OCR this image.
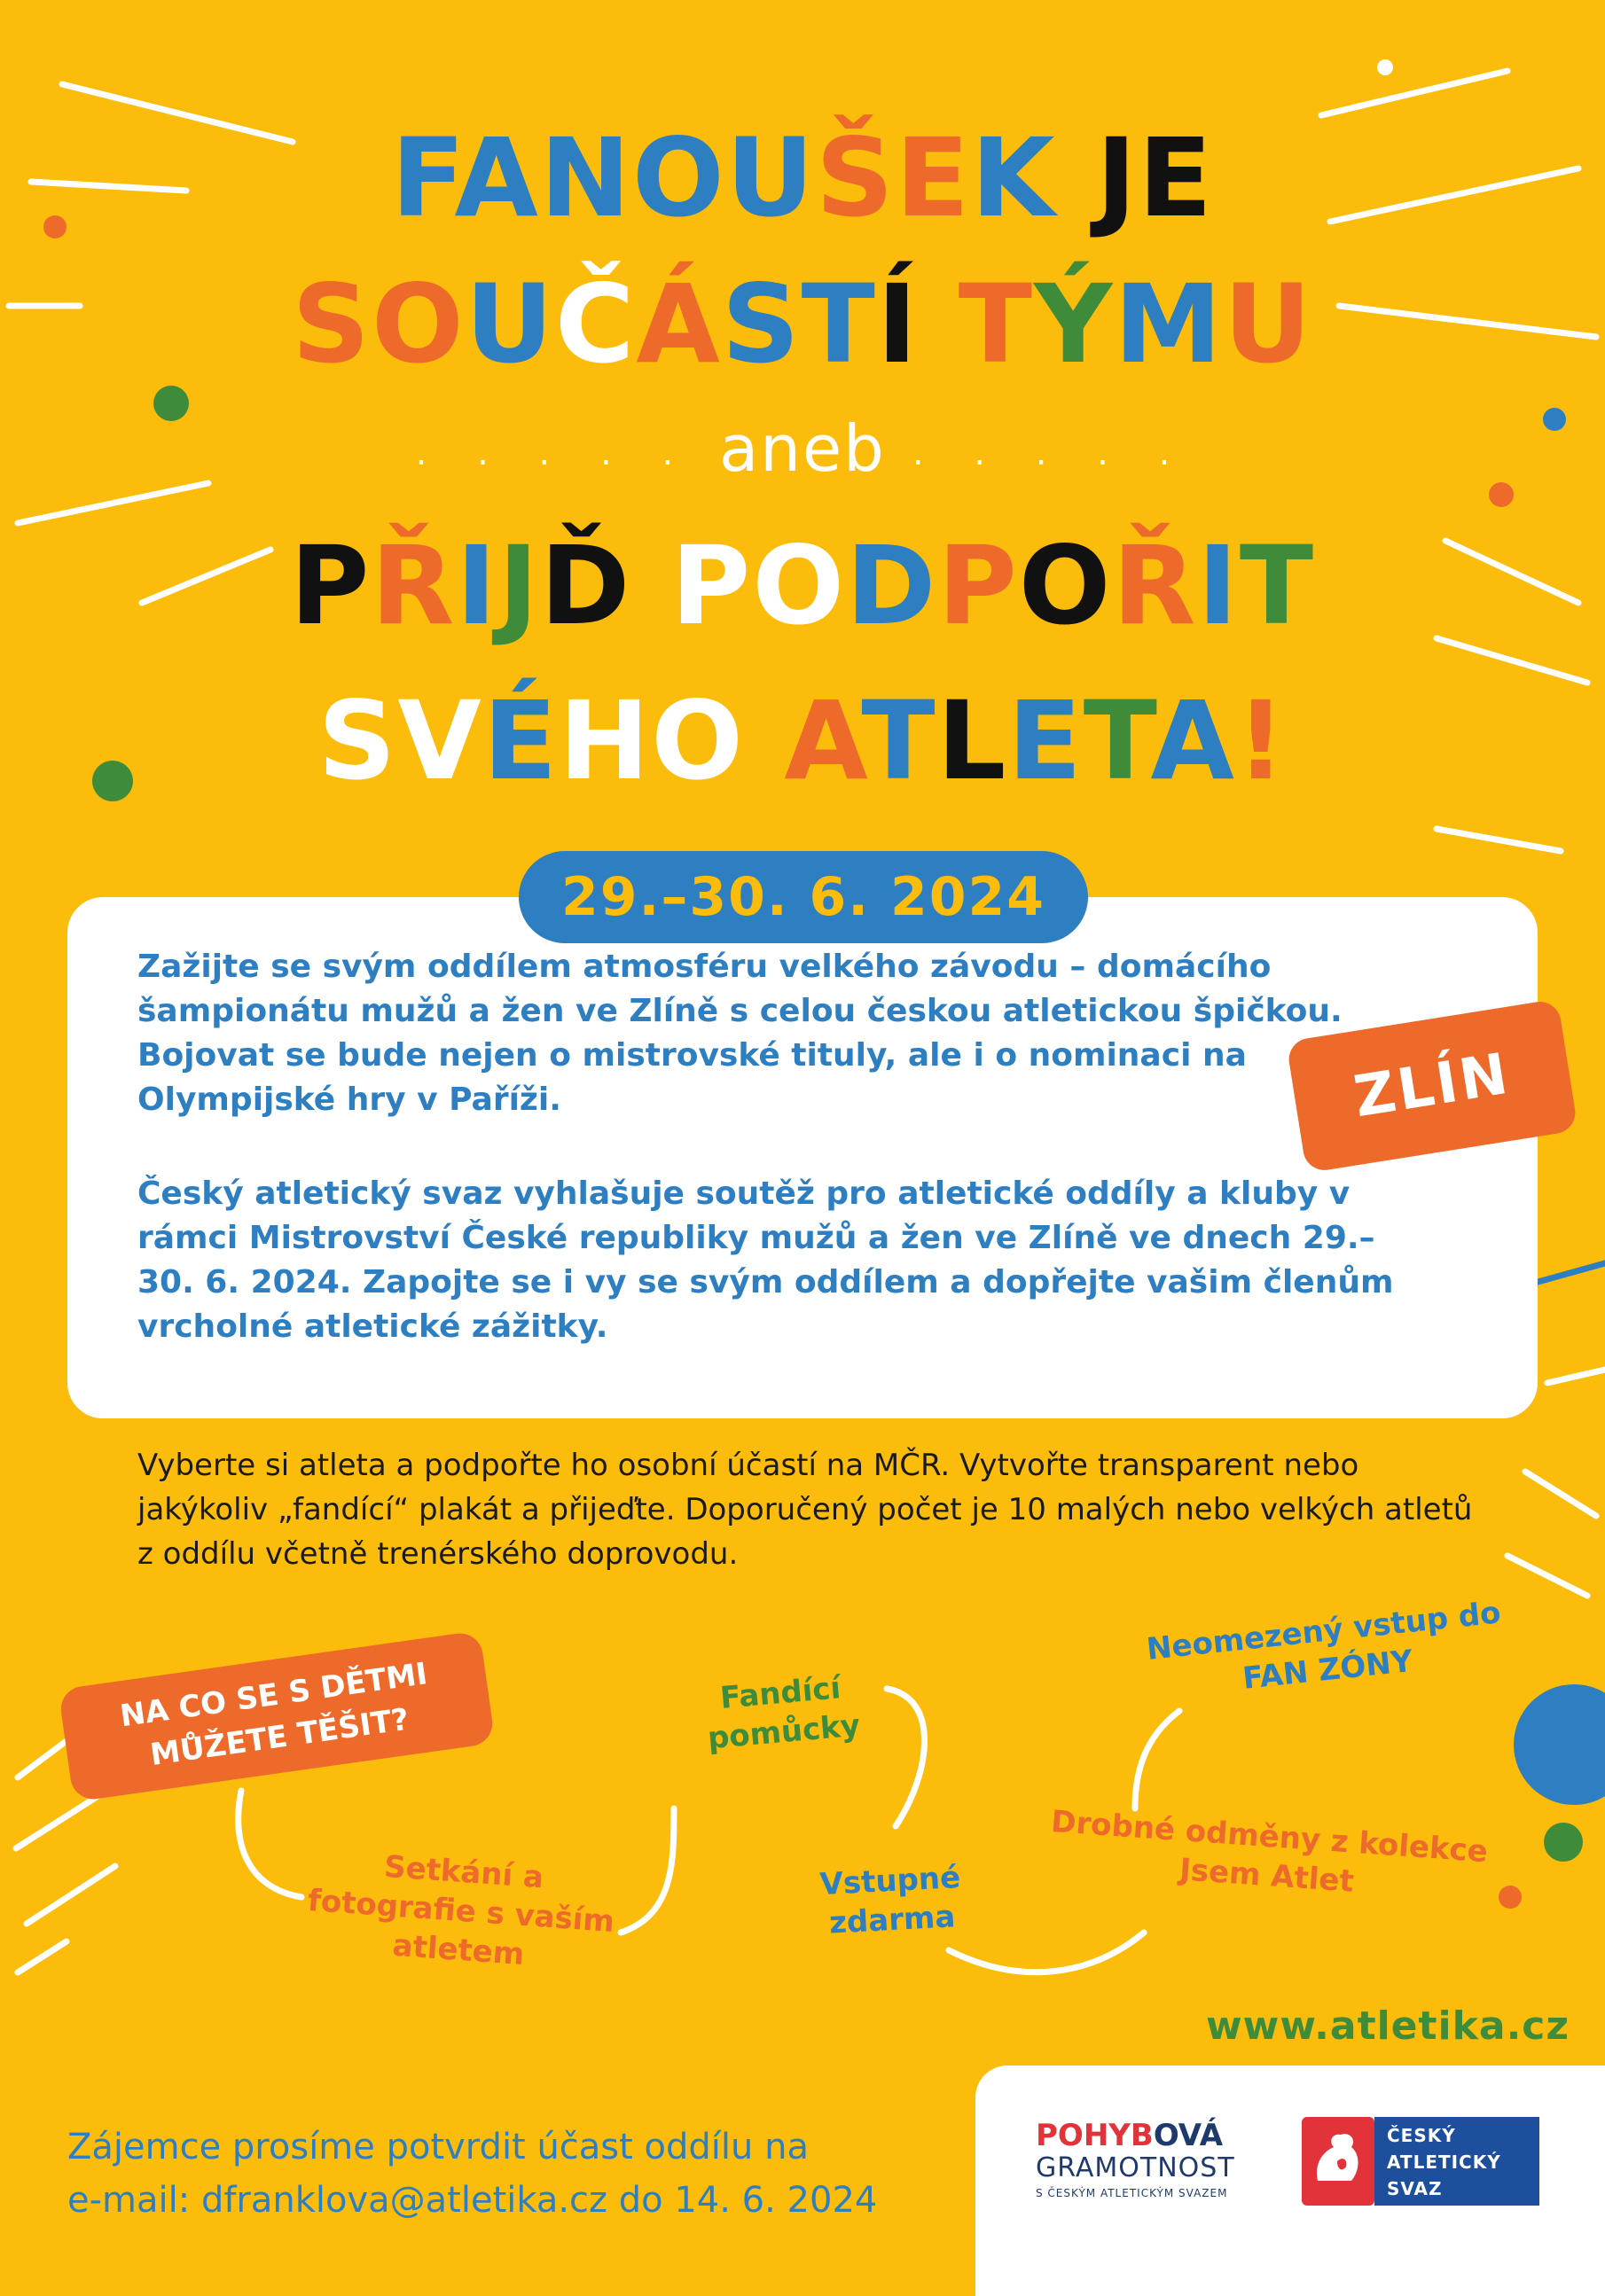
FANOUŠEK JE
SOUČÁSTÍ TÝMU
. . . . . aneb . . . . .
PŘIJĎ PODPOŘIT
SVÉHO ATLETA!
29.–30. 6. 2024
Zažijte se svým oddílem atmosféru velkého závodu – domácího šampionátu mužů a žen ve Zlíně s celou českou atletickou špičkou. Bojovat se bude nejen o mistrovské tituly, ale i o nominaci na Olympijské hry v Paříži.
Český atletický svaz vyhlašuje soutěž pro atletické oddíly a kluby v rámci Mistrovství České republiky mužů a žen ve Zlíně ve dnech 29.–30. 6. 2024. Zapojte se i vy se svým oddílem a dopřejte vašim členům vrcholné atletické zážitky.
ZLÍN
Vyberte si atleta a podpořte ho osobní účastí na MČR. Vytvořte transparent nebo jakýkoliv „fandící“ plakát a přijeďte. Doporučený počet je 10 malých nebo velkých atletů z oddílu včetně trenérského doprovodu.
NA CO SE S DĚTMI MŮŽETE TĚŠIT?
Fandící pomůcky
Setkání a fotografie s vaším atletem
Vstupné zdarma
Neomezený vstup do FAN ZÓNY
Drobné odměny z kolekce Jsem Atlet
www.atletika.cz
Zájemce prosíme potvrdit účast oddílu na
e-mail: dfranklova@atletika.cz do 14. 6. 2024
POHYBOVÁ
GRAMOTNOST
S ČESKÝM ATLETICKÝM SVAZEM
ČESKÝ
ATLETICKÝ
SVAZ
